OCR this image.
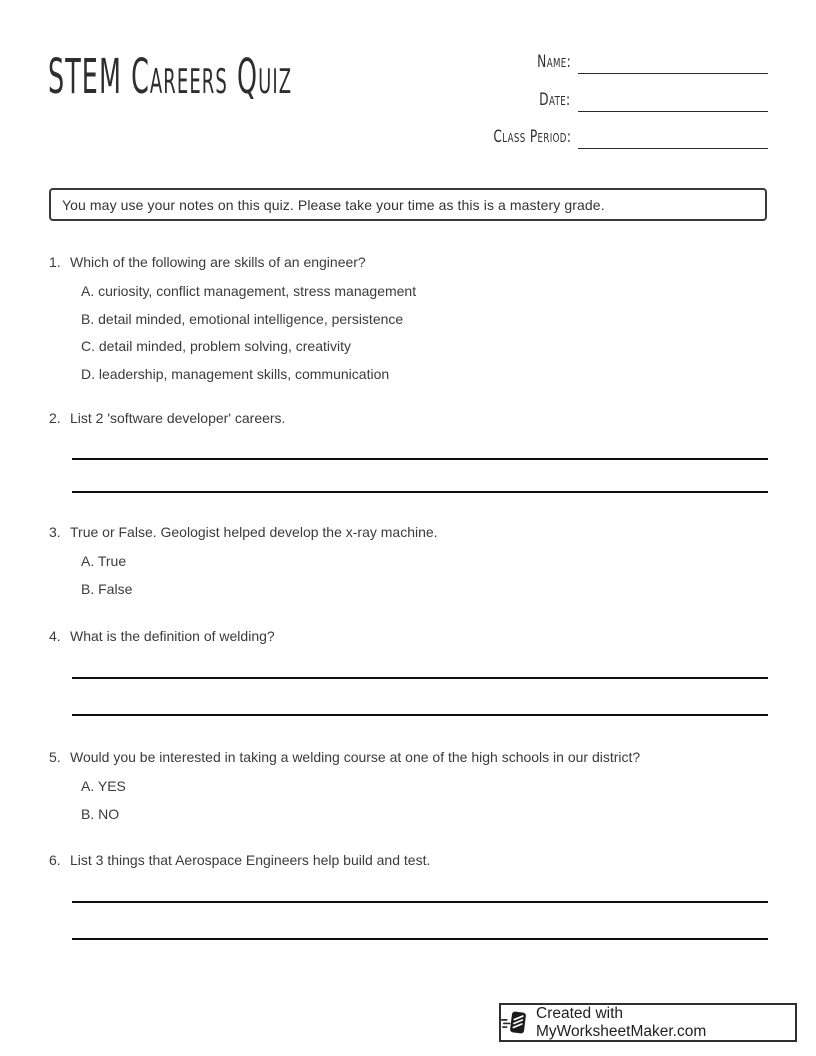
STEM Careers Quiz	Name:
Date:
Class Period:
You may use your notes on this quiz. Please take your time as this is a mastery grade.
1. Which of the following are skills of an engineer?
A. curiosity, conflict management, stress management
B. detail minded, emotional intelligence, persistence
C. detail minded, problem solving, creativity
D. leadership, management skills, communication
2. List 2 'software developer' careers.
3. True or False. Geologist helped develop the x-ray machine.
A. True
B. False
4. What is the definition of welding?
5. Would you be interested in taking a welding course at one of the high schools in our district?
A. YES
B. NO
6. List 3 things that Aerospace Engineers help build and test.
Created with MyWorksheetMaker.com
